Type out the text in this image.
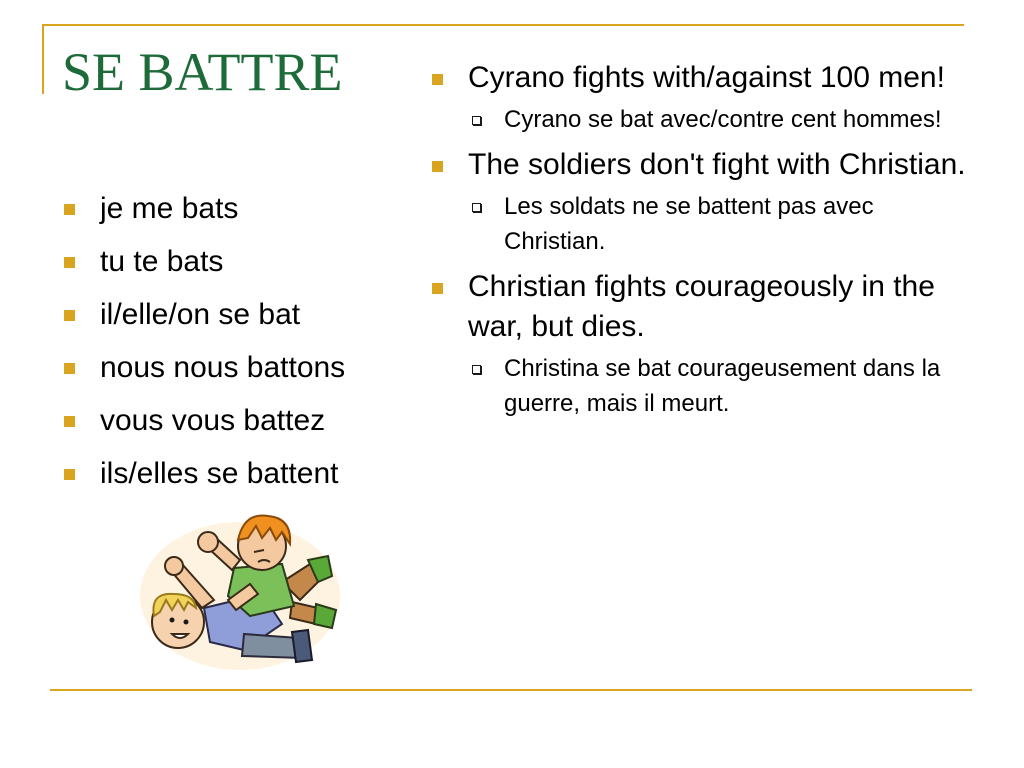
SE BATTRE
je me bats
tu te bats
il/elle/on se bat
nous nous battons
vous vous battez
ils/elles se battent
Cyrano fights with/against 100 men!
Cyrano se bat avec/contre cent hommes!
The soldiers don't fight with Christian.
Les soldats ne se battent pas avec Christian.
Christian fights courageously in the war, but dies.
Christina se bat courageusement dans la guerre, mais il meurt.
